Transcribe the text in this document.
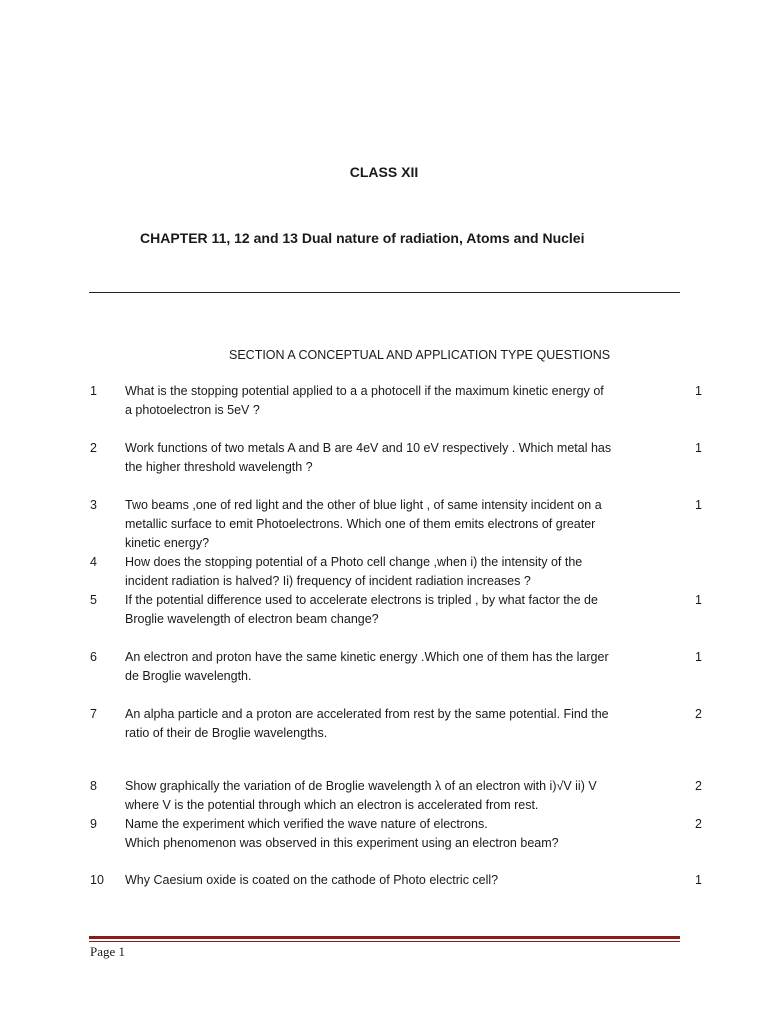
CLASS XII
CHAPTER 11, 12 and 13 Dual nature of radiation, Atoms and Nuclei
SECTION A CONCEPTUAL AND APPLICATION TYPE QUESTIONS
1 What is the stopping potential applied to a a photocell if the maximum kinetic energy of
a photoelectron is 5eV ?
1
2 Work functions of two metals A and B are 4eV and 10 eV respectively . Which metal has
the higher threshold wavelength ?
1
3 Two beams ,one of red light and the other of blue light , of same intensity incident on a
metallic surface to emit Photoelectrons. Which one of them emits electrons of greater
kinetic energy?
1
4 How does the stopping potential of a Photo cell change ,when i) the intensity of the
incident radiation is halved? Ii) frequency of incident radiation increases ?
5 If the potential difference used to accelerate electrons is tripled , by what factor the de
Broglie wavelength of electron beam change?
1
6 An electron and proton have the same kinetic energy .Which one of them has the larger
de Broglie wavelength.
1
7 An alpha particle and a proton are accelerated from rest by the same potential. Find the
ratio of their de Broglie wavelengths.
2
8 Show graphically the variation of de Broglie wavelength λ of an electron with i)√V ii) V
where V is the potential through which an electron is accelerated from rest.
2
9 Name the experiment which verified the wave nature of electrons.
Which phenomenon was observed in this experiment using an electron beam?
2
10 Why Caesium oxide is coated on the cathode of Photo electric cell?	1
Page 1
